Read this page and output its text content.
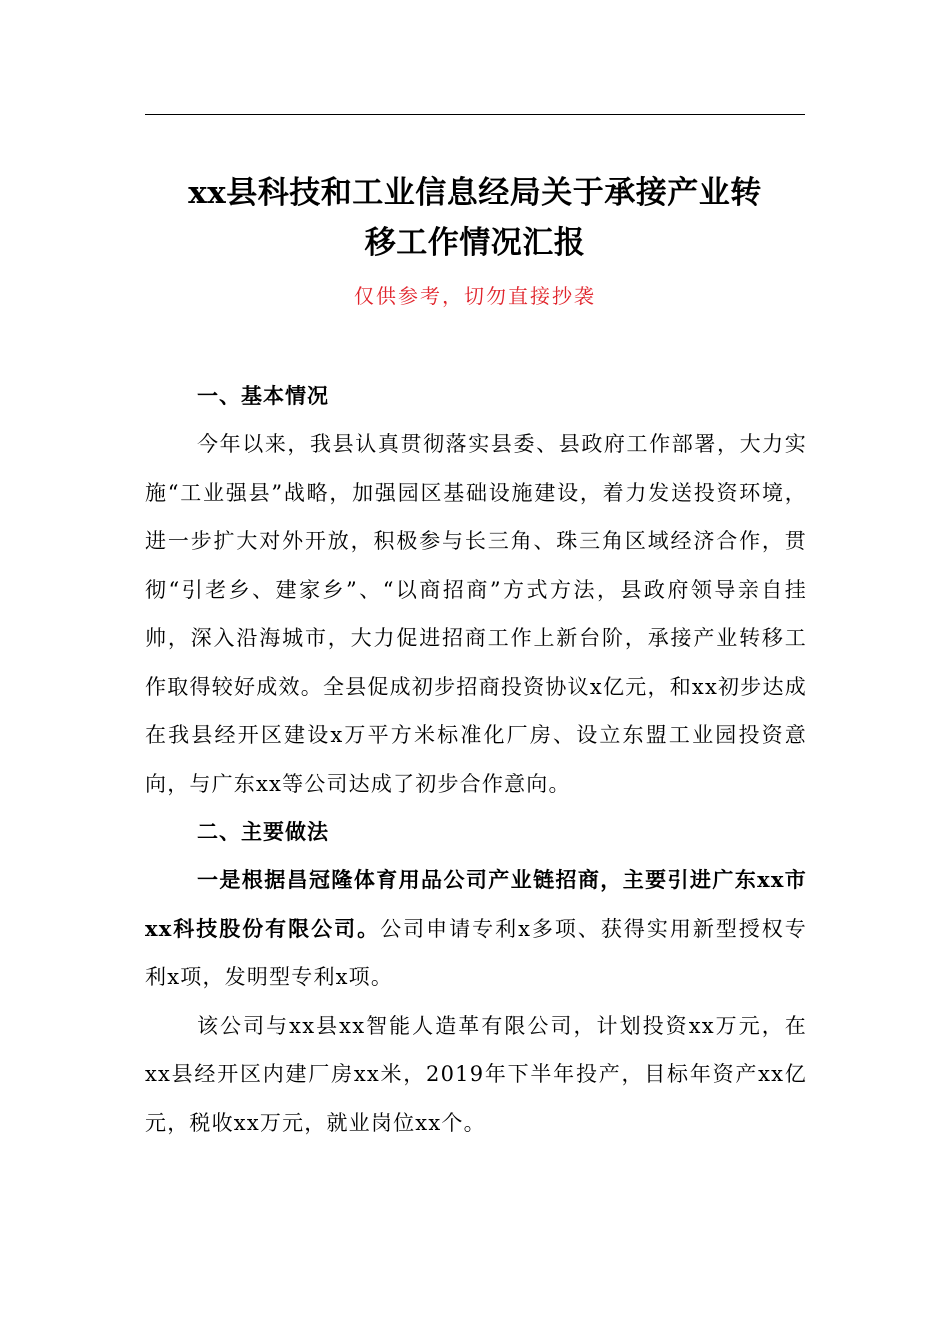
xx县科技和工业信息经局关于承接产业转
移工作情况汇报
仅供参考，切勿直接抄袭

一、基本情况

今年以来，我县认真贯彻落实县委、县政府工作部署，大力实施“工业强县”战略，加强园区基础设施建设，着力发送投资环境，进一步扩大对外开放，积极参与长三角、珠三角区域经济合作，贯彻“引老乡、建家乡”、“以商招商”方式方法，县政府领导亲自挂帅，深入沿海城市，大力促进招商工作上新台阶，承接产业转移工作取得较好成效。全县促成初步招商投资协议x亿元，和xx初步达成在我县经开区建设x万平方米标准化厂房、设立东盟工业园投资意向，与广东xx等公司达成了初步合作意向。

二、主要做法

一是根据昌冠隆体育用品公司产业链招商，主要引进广东xx市xx科技股份有限公司。公司申请专利x多项、获得实用新型授权专利x项，发明型专利x项。

该公司与xx县xx智能人造革有限公司，计划投资xx万元，在xx县经开区内建厂房xx米，2019年下半年投产，目标年资产xx亿元，税收xx万元，就业岗位xx个。
